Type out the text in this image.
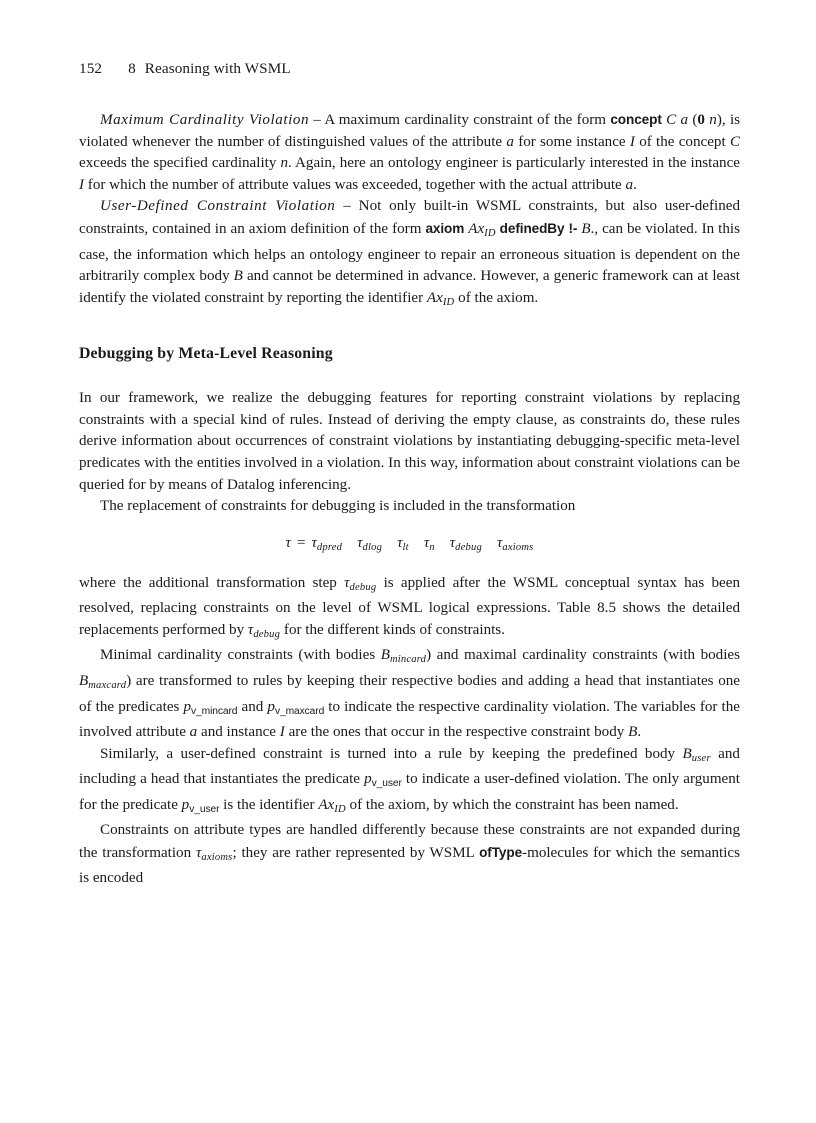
152 8 Reasoning with WSML

Maximum Cardinality Violation – A maximum cardinality constraint of the form concept C a (0 n), is violated whenever the number of distinguished values of the attribute a for some instance I of the concept C exceeds the specified cardinality n. Again, here an ontology engineer is particularly interested in the instance I for which the number of attribute values was exceeded, together with the actual attribute a.

User-Defined Constraint Violation – Not only built-in WSML constraints, but also user-defined constraints, contained in an axiom definition of the form axiom $Ax_{ID}$ definedBy !- B., can be violated. In this case, the information which helps an ontology engineer to repair an erroneous situation is dependent on the arbitrarily complex body B and cannot be determined in advance. However, a generic framework can at least identify the violated constraint by reporting the identifier $Ax_{ID}$ of the axiom.

Debugging by Meta-Level Reasoning

In our framework, we realize the debugging features for reporting constraint violations by replacing constraints with a special kind of rules. Instead of deriving the empty clause, as constraints do, these rules derive information about occurrences of constraint violations by instantiating debugging-specific meta-level predicates with the entities involved in a violation. In this way, information about constraint violations can be queried for by means of Datalog inferencing.

The replacement of constraints for debugging is included in the transformation

$\tau = \tau_{dpred}$ $\tau_{dlog}$ $\tau_{lt}$ $\tau_n$ $\tau_{debug}$ $\tau_{axioms}$

where the additional transformation step $\tau_{debug}$ is applied after the WSML conceptual syntax has been resolved, replacing constraints on the level of WSML logical expressions. Table 8.5 shows the detailed replacements performed by $\tau_{debug}$ for the different kinds of constraints.

Minimal cardinality constraints (with bodies $B_{mincard}$) and maximal cardinality constraints (with bodies $B_{maxcard}$) are transformed to rules by keeping their respective bodies and adding a head that instantiates one of the predicates pv_mincard and pv_maxcard to indicate the respective cardinality violation. The variables for the involved attribute a and instance I are the ones that occur in the respective constraint body B.

Similarly, a user-defined constraint is turned into a rule by keeping the predefined body $B_{user}$ and including a head that instantiates the predicate pv_user to indicate a user-defined violation. The only argument for the predicate pv_user is the identifier $Ax_{ID}$ of the axiom, by which the constraint has been named.

Constraints on attribute types are handled differently because these constraints are not expanded during the transformation $\tau_{axioms}$; they are rather represented by WSML ofType-molecules for which the semantics is encoded
